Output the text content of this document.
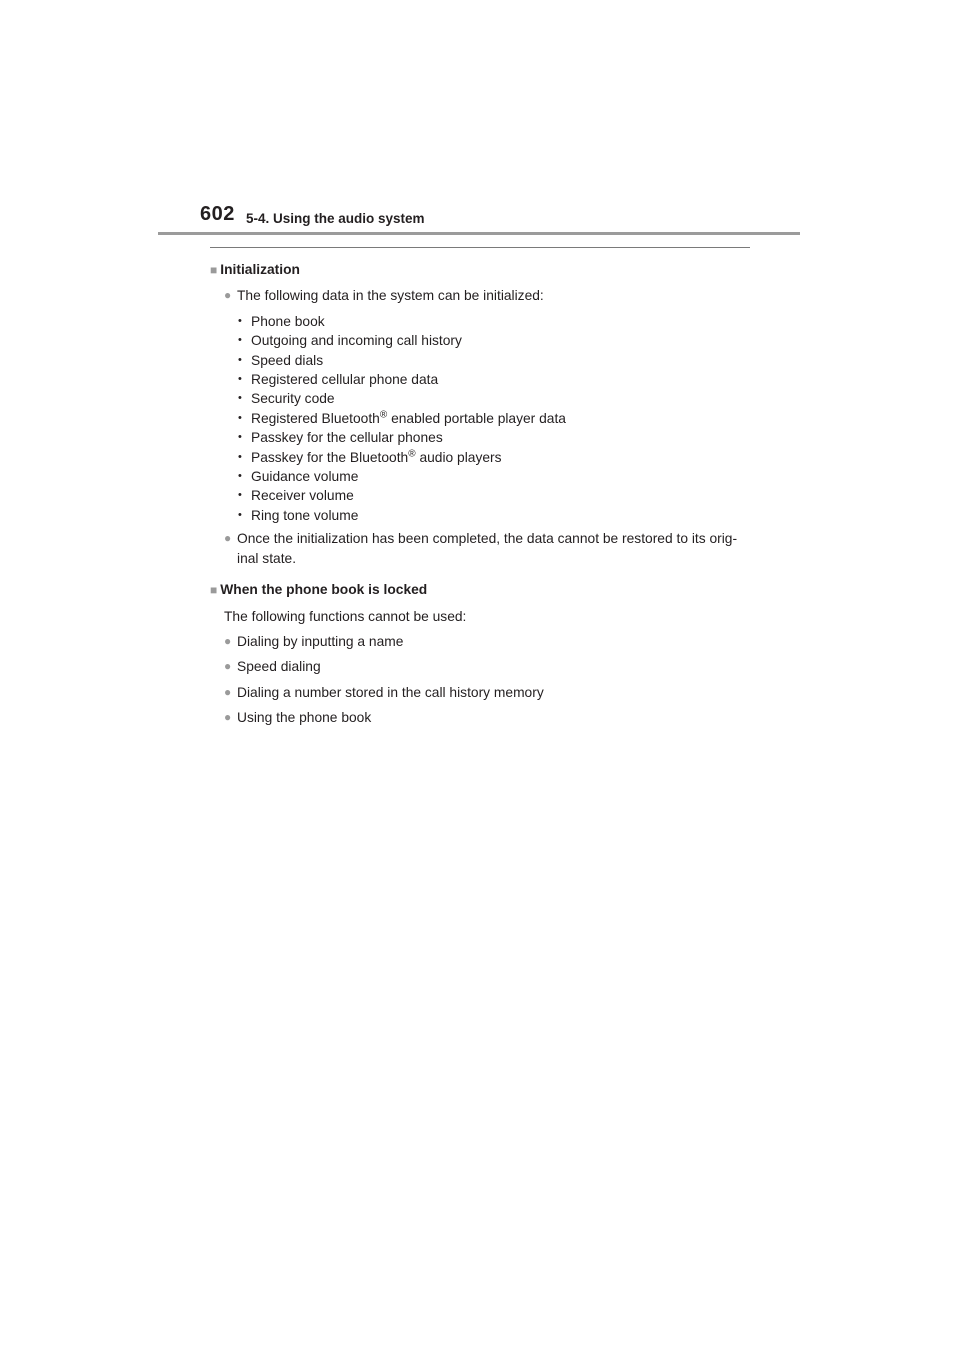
602 5-4. Using the audio system
■ Initialization
● The following data in the system can be initialized:
• Phone book
• Outgoing and incoming call history
• Speed dials
• Registered cellular phone data
• Security code
• Registered Bluetooth® enabled portable player data
• Passkey for the cellular phones
• Passkey for the Bluetooth® audio players
• Guidance volume
• Receiver volume
• Ring tone volume
● Once the initialization has been completed, the data cannot be restored to its orig- inal state.
■ When the phone book is locked
The following functions cannot be used:
● Dialing by inputting a name
● Speed dialing
● Dialing a number stored in the call history memory
● Using the phone book
